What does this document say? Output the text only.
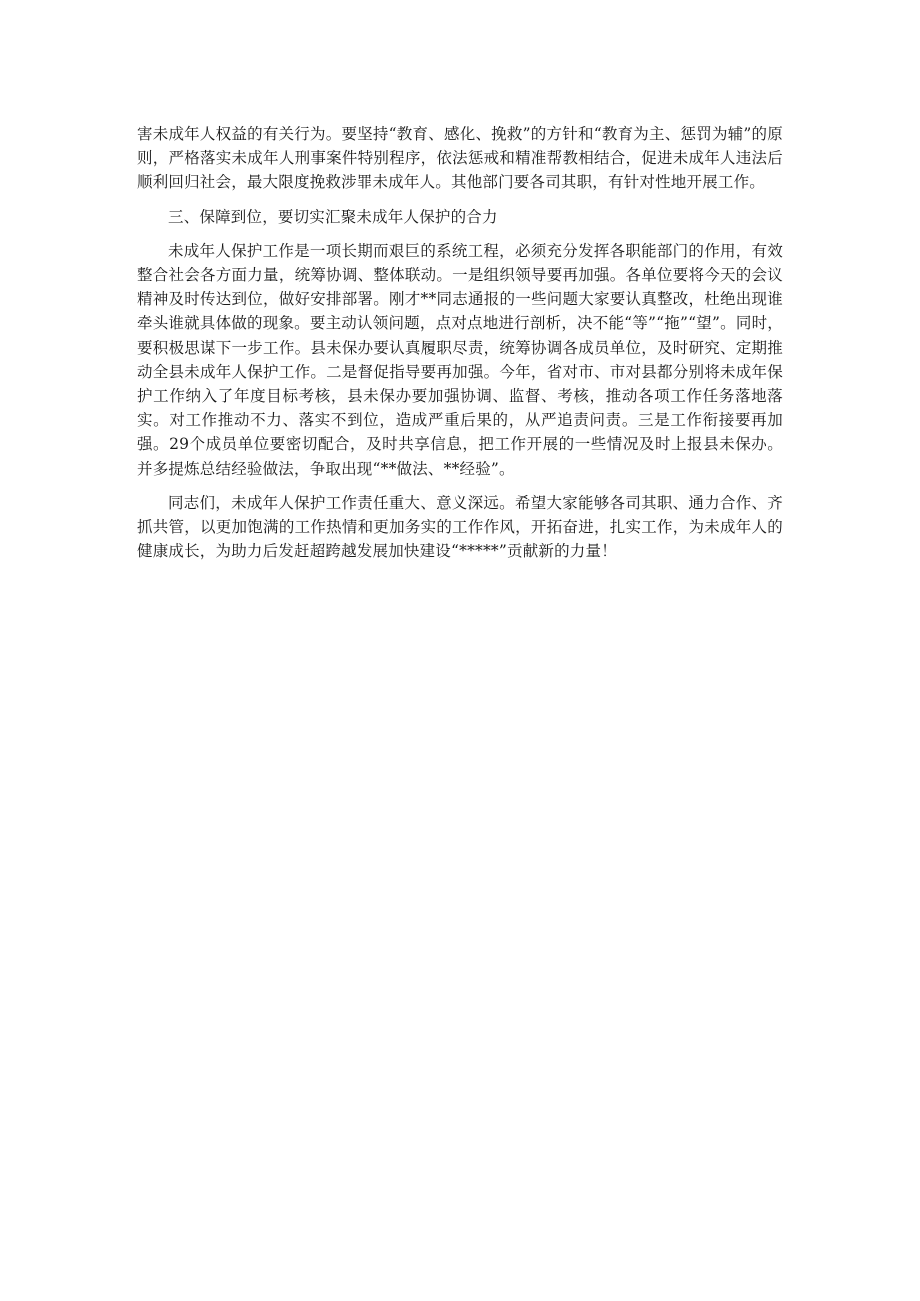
害未成年人权益的有关行为。要坚持“教育、感化、挽救”的方针和“教育为主、惩罚为辅”的原则，严格落实未成年人刑事案件特别程序，依法惩戒和精准帮教相结合，促进未成年人违法后顺利回归社会，最大限度挽救涉罪未成年人。其他部门要各司其职，有针对性地开展工作。

三、保障到位，要切实汇聚未成年人保护的合力

未成年人保护工作是一项长期而艰巨的系统工程，必须充分发挥各职能部门的作用，有效整合社会各方面力量，统筹协调、整体联动。一是组织领导要再加强。各单位要将今天的会议精神及时传达到位，做好安排部署。刚才**同志通报的一些问题大家要认真整改，杜绝出现谁牵头谁就具体做的现象。要主动认领问题，点对点地进行剖析，决不能“等”“拖”“望”。同时，要积极思谋下一步工作。县未保办要认真履职尽责，统筹协调各成员单位，及时研究、定期推动全县未成年人保护工作。二是督促指导要再加强。今年，省对市、市对县都分别将未成年保护工作纳入了年度目标考核，县未保办要加强协调、监督、考核，推动各项工作任务落地落实。对工作推动不力、落实不到位，造成严重后果的，从严追责问责。三是工作衔接要再加强。29个成员单位要密切配合，及时共享信息，把工作开展的一些情况及时上报县未保办。并多提炼总结经验做法，争取出现“**做法、**经验”。

同志们，未成年人保护工作责任重大、意义深远。希望大家能够各司其职、通力合作、齐抓共管，以更加饱满的工作热情和更加务实的工作作风，开拓奋进，扎实工作，为未成年人的健康成长，为助力后发赶超跨越发展加快建设“*****”贡献新的力量！
